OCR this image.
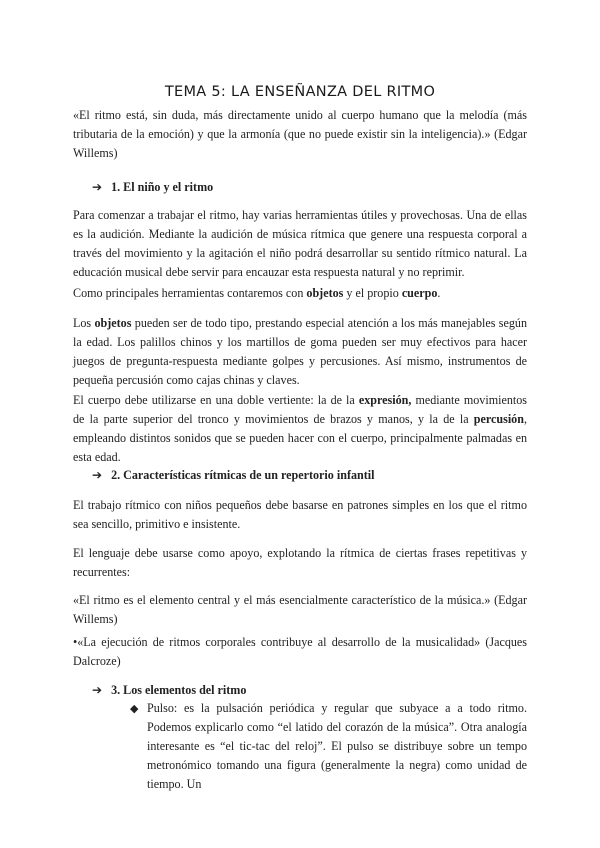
TEMA 5: LA ENSEÑANZA DEL RITMO

«El ritmo está, sin duda, más directamente unido al cuerpo humano que la melodía (más tributaria de la emoción) y que la armonía (que no puede existir sin la inteligencia).» (Edgar Willems)

➔ 1. El niño y el ritmo

Para comenzar a trabajar el ritmo, hay varias herramientas útiles y provechosas. Una de ellas es la audición. Mediante la audición de música rítmica que genere una respuesta corporal a través del movimiento y la agitación el niño podrá desarrollar su sentido rítmico natural. La educación musical debe servir para encauzar esta respuesta natural y no reprimir.

Como principales herramientas contaremos con objetos y el propio cuerpo.

Los objetos pueden ser de todo tipo, prestando especial atención a los más manejables según la edad. Los palillos chinos y los martillos de goma pueden ser muy efectivos para hacer juegos de pregunta-respuesta mediante golpes y percusiones. Así mismo, instrumentos de pequeña percusión como cajas chinas y claves.

El cuerpo debe utilizarse en una doble vertiente: la de la expresión, mediante movimientos de la parte superior del tronco y movimientos de brazos y manos, y la de la percusión, empleando distintos sonidos que se pueden hacer con el cuerpo, principalmente palmadas en esta edad.

➔ 2. Características rítmicas de un repertorio infantil

El trabajo rítmico con niños pequeños debe basarse en patrones simples en los que el ritmo sea sencillo, primitivo e insistente.

El lenguaje debe usarse como apoyo, explotando la rítmica de ciertas frases repetitivas y recurrentes:

«El ritmo es el elemento central y el más esencialmente característico de la música.» (Edgar Willems)

•«La ejecución de ritmos corporales contribuye al desarrollo de la musicalidad» (Jacques Dalcroze)

➔ 3. Los elementos del ritmo

◆ Pulso: es la pulsación periódica y regular que subyace a a todo ritmo. Podemos explicarlo como “el latido del corazón de la música”. Otra analogía interesante es “el tic-tac del reloj”. El pulso se distribuye sobre un tempo metronómico tomando una figura (generalmente la negra) como unidad de tiempo. Un
